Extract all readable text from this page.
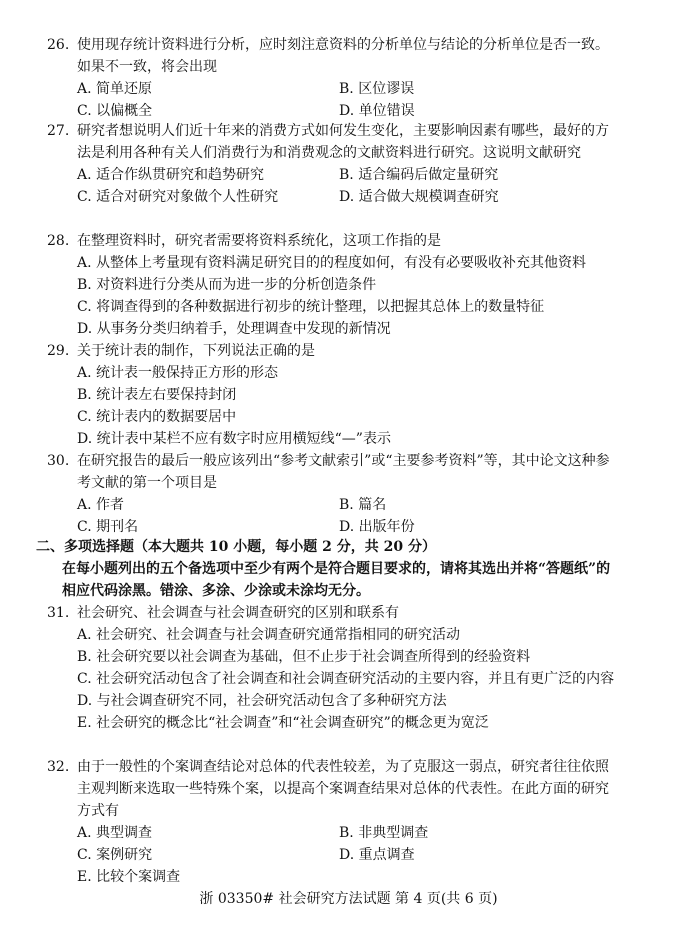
26. 使用现存统计资料进行分析，应时刻注意资料的分析单位与结论的分析单位是否一致。如果不一致，将会出现
A. 简单还原	B. 区位谬误
C. 以偏概全	D. 单位错误
27. 研究者想说明人们近十年来的消费方式如何发生变化，主要影响因素有哪些，最好的方法是利用各种有关人们消费行为和消费观念的文献资料进行研究。这说明文献研究
A. 适合作纵贯研究和趋势研究	B. 适合编码后做定量研究
C. 适合对研究对象做个人性研究	D. 适合做大规模调查研究
28. 在整理资料时，研究者需要将资料系统化，这项工作指的是
A. 从整体上考量现有资料满足研究目的的程度如何，有没有必要吸收补充其他资料
B. 对资料进行分类从而为进一步的分析创造条件
C. 将调查得到的各种数据进行初步的统计整理，以把握其总体上的数量特征
D. 从事务分类归纳着手，处理调查中发现的新情况
29. 关于统计表的制作，下列说法正确的是
A. 统计表一般保持正方形的形态
B. 统计表左右要保持封闭
C. 统计表内的数据要居中
D. 统计表中某栏不应有数字时应用横短线“—”表示
30. 在研究报告的最后一般应该列出“参考文献索引”或“主要参考资料”等，其中论文这种参考文献的第一个项目是
A. 作者	B. 篇名
C. 期刊名	D. 出版年份
二、多项选择题（本大题共 10 小题，每小题 2 分，共 20 分）
在每小题列出的五个备选项中至少有两个是符合题目要求的，请将其选出并将“答题纸”的相应代码涂黑。错涂、多涂、少涂或未涂均无分。
31. 社会研究、社会调查与社会调查研究的区别和联系有
A. 社会研究、社会调查与社会调查研究通常指相同的研究活动
B. 社会研究要以社会调查为基础，但不止步于社会调查所得到的经验资料
C. 社会研究活动包含了社会调查和社会调查研究活动的主要内容，并且有更广泛的内容
D. 与社会调查研究不同，社会研究活动包含了多种研究方法
E. 社会研究的概念比“社会调查”和“社会调查研究”的概念更为宽泛
32. 由于一般性的个案调查结论对总体的代表性较差，为了克服这一弱点，研究者往往依照主观判断来选取一些特殊个案，以提高个案调查结果对总体的代表性。在此方面的研究方式有
A. 典型调查	B. 非典型调查
C. 案例研究	D. 重点调查
E. 比较个案调查
浙 03350# 社会研究方法试题 第 4 页(共 6 页)
